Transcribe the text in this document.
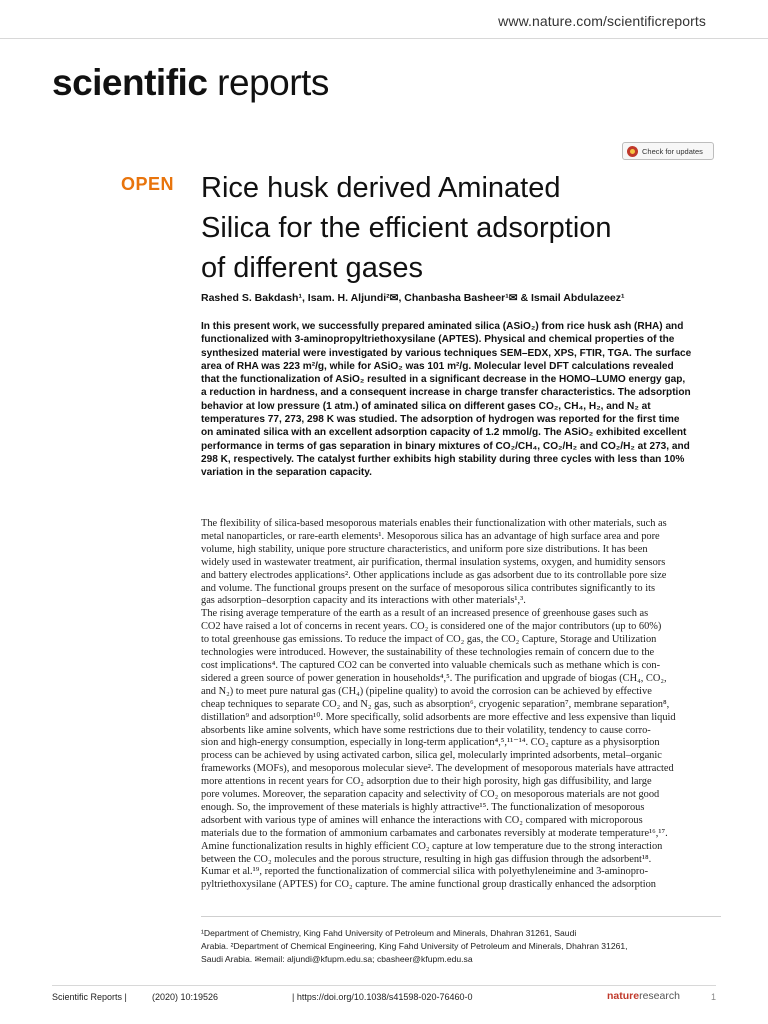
www.nature.com/scientificreports
scientific reports
Check for updates
OPEN Rice husk derived Aminated
Silica for the efficient adsorption
of different gases
Rashed S. Bakdash¹, Isam. H. Aljundi²✉, Chanbasha Basheer¹✉ & Ismail Abdulazeez¹
In this present work, we successfully prepared aminated silica (ASiO₂) from rice husk ash (RHA) and
functionalized with 3-aminopropyltriethoxysilane (APTES). Physical and chemical properties of the
synthesized material were investigated by various techniques SEM–EDX, XPS, FTIR, TGA. The surface
area of RHA was 223 m²/g, while for ASiO₂ was 101 m²/g. Molecular level DFT calculations revealed
that the functionalization of ASiO₂ resulted in a significant decrease in the HOMO–LUMO energy gap,
a reduction in hardness, and a consequent increase in charge transfer characteristics. The adsorption
behavior at low pressure (1 atm.) of aminated silica on different gases CO₂, CH₄, H₂, and N₂ at
temperatures 77, 273, 298 K was studied. The adsorption of hydrogen was reported for the first time
on aminated silica with an excellent adsorption capacity of 1.2 mmol/g. The ASiO₂ exhibited excellent
performance in terms of gas separation in binary mixtures of CO₂/CH₄, CO₂/H₂ and CO₂/H₂ at 273, and
298 K, respectively. The catalyst further exhibits high stability during three cycles with less than 10%
variation in the separation capacity.
The flexibility of silica-based mesoporous materials enables their functionalization with other materials, such as
metal nanoparticles, or rare-earth elements¹. Mesoporous silica has an advantage of high surface area and pore
volume, high stability, unique pore structure characteristics, and uniform pore size distributions. It has been
widely used in wastewater treatment, air purification, thermal insulation systems, oxygen, and humidity sensors
and battery electrodes applications². Other applications include as gas adsorbent due to its controllable pore size
and volume. The functional groups present on the surface of mesoporous silica contributes significantly to its
gas adsorption–desorption capacity and its interactions with other materials¹,³.
The rising average temperature of the earth as a result of an increased presence of greenhouse gases such as
CO2 have raised a lot of concerns in recent years. CO₂ is considered one of the major contributors (up to 60%)
to total greenhouse gas emissions. To reduce the impact of CO₂ gas, the CO₂ Capture, Storage and Utilization
technologies were introduced. However, the sustainability of these technologies remain of concern due to the
cost implications⁴. The captured CO2 can be converted into valuable chemicals such as methane which is con-
sidered a green source of power generation in households⁴,⁵. The purification and upgrade of biogas (CH₄, CO₂,
and N₂) to meet pure natural gas (CH₄) (pipeline quality) to avoid the corrosion can be achieved by effective
cheap techniques to separate CO₂ and N₂ gas, such as absorption⁶, cryogenic separation⁷, membrane separation⁸,
distillation⁹ and adsorption¹⁰. More specifically, solid adsorbents are more effective and less expensive than liquid
absorbents like amine solvents, which have some restrictions due to their volatility, tendency to cause corro-
sion and high-energy consumption, especially in long-term application⁴,⁵,¹¹⁻¹⁴. CO₂ capture as a physisorption
process can be achieved by using activated carbon, silica gel, molecularly imprinted adsorbents, metal–organic
frameworks (MOFs), and mesoporous molecular sieve². The development of mesoporous materials have attracted
more attentions in recent years for CO₂ adsorption due to their high porosity, high gas diffusibility, and large
pore volumes. Moreover, the separation capacity and selectivity of CO₂ on mesoporous materials are not good
enough. So, the improvement of these materials is highly attractive¹⁵. The functionalization of mesoporous
adsorbent with various type of amines will enhance the interactions with CO₂ compared with microporous
materials due to the formation of ammonium carbamates and carbonates reversibly at moderate temperature¹⁶,¹⁷.
Amine functionalization results in highly efficient CO₂ capture at low temperature due to the strong interaction
between the CO₂ molecules and the porous structure, resulting in high gas diffusion through the adsorbent¹⁸.
Kumar et al.¹⁹, reported the functionalization of commercial silica with polyethyleneimine and 3-aminopro-
pyltriethoxysilane (APTES) for CO₂ capture. The amine functional group drastically enhanced the adsorption
¹Department of Chemistry, King Fahd University of Petroleum and Minerals, Dhahran 31261, Saudi
Arabia. ²Department of Chemical Engineering, King Fahd University of Petroleum and Minerals, Dhahran 31261,
Saudi Arabia. ✉email: aljundi@kfupm.edu.sa; cbasheer@kfupm.edu.sa
Scientific Reports |	(2020) 10:19526	| https://doi.org/10.1038/s41598-020-76460-0	natureresearch	1
